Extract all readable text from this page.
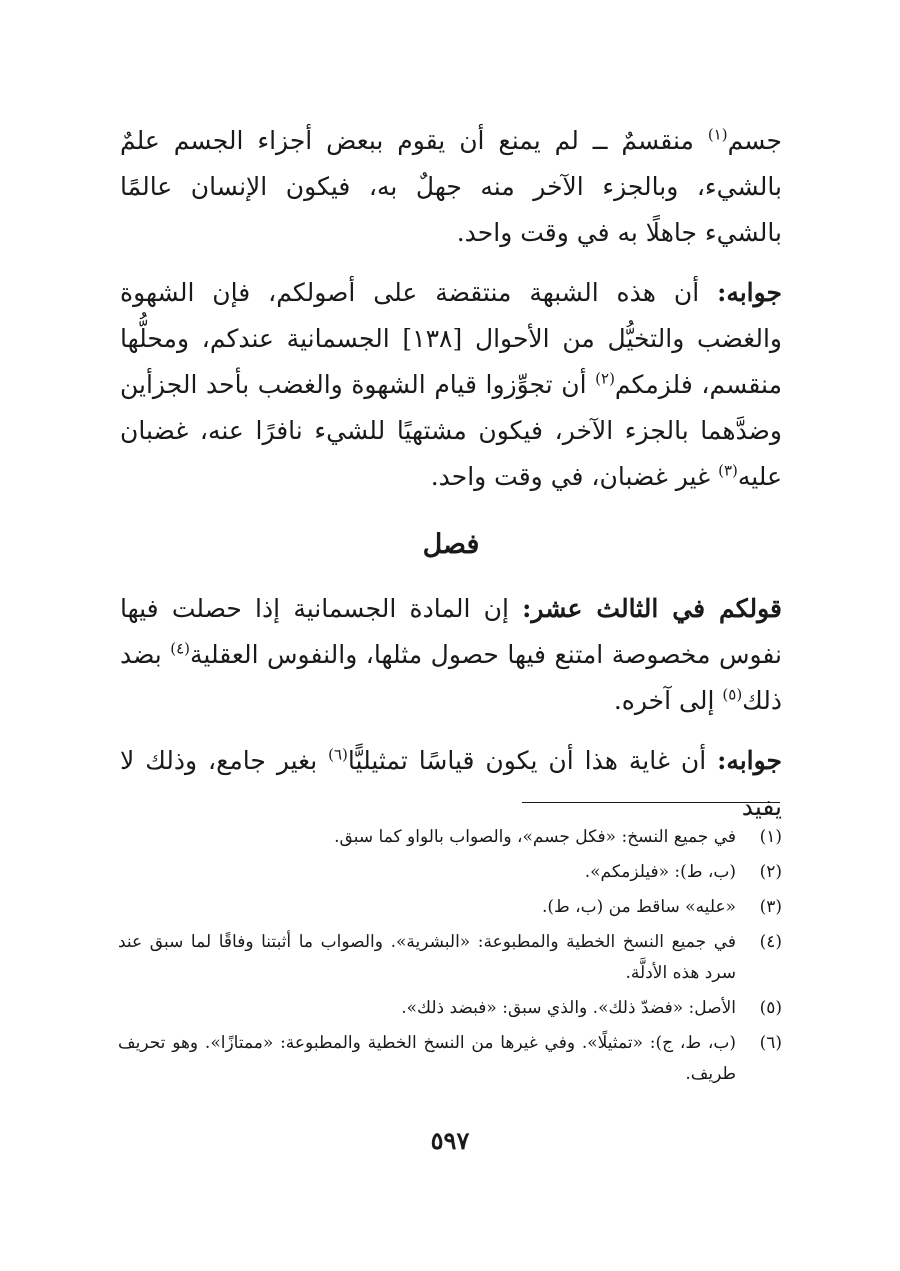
جسم$^{(١)}$ منقسمٌ ــ لم يمنع أن يقوم ببعض أجزاء الجسم علمٌ بالشيء، وبالجزء الآخر منه جهلٌ به، فيكون الإنسان عالمًا بالشيء جاهلًا به في وقت واحد.

جوابه: أن هذه الشبهة منتقضة على أصولكم، فإن الشهوة والغضب والتخيُّل من الأحوال [١٣٨] الجسمانية عندكم، ومحلُّها منقسم، فلزمكم$^{(٢)}$ أن تجوِّزوا قيام الشهوة والغضب بأحد الجزأين وضدَّهما بالجزء الآخر، فيكون مشتهيًا للشيء نافرًا عنه، غضبان عليه$^{(٣)}$ غير غضبان، في وقت واحد.

فصل

قولكم في الثالث عشر: إن المادة الجسمانية إذا حصلت فيها نفوس مخصوصة امتنع فيها حصول مثلها، والنفوس العقلية$^{(٤)}$ بضد ذلك$^{(٥)}$ إلى آخره.

جوابه: أن غاية هذا أن يكون قياسًا تمثيليًّا$^{(٦)}$ بغير جامع، وذلك لا يفيد

(١)
في جميع النسخ: «فكل جسم»، والصواب بالواو كما سبق.
(٢)
(ب، ط): «فيلزمكم».
(٣)
«عليه» ساقط من (ب، ط).
(٤)
في جميع النسخ الخطية والمطبوعة: «البشرية». والصواب ما أثبتنا وفاقًا لما سبق عند سرد هذه الأدلَّة.
(٥)
الأصل: «فضدّ ذلك». والذي سبق: «فبضد ذلك».
(٦)
(ب، ط، ج): «تمثيلًا». وفي غيرها من النسخ الخطية والمطبوعة: «ممتازًا». وهو تحريف طريف.
٥٩٧
